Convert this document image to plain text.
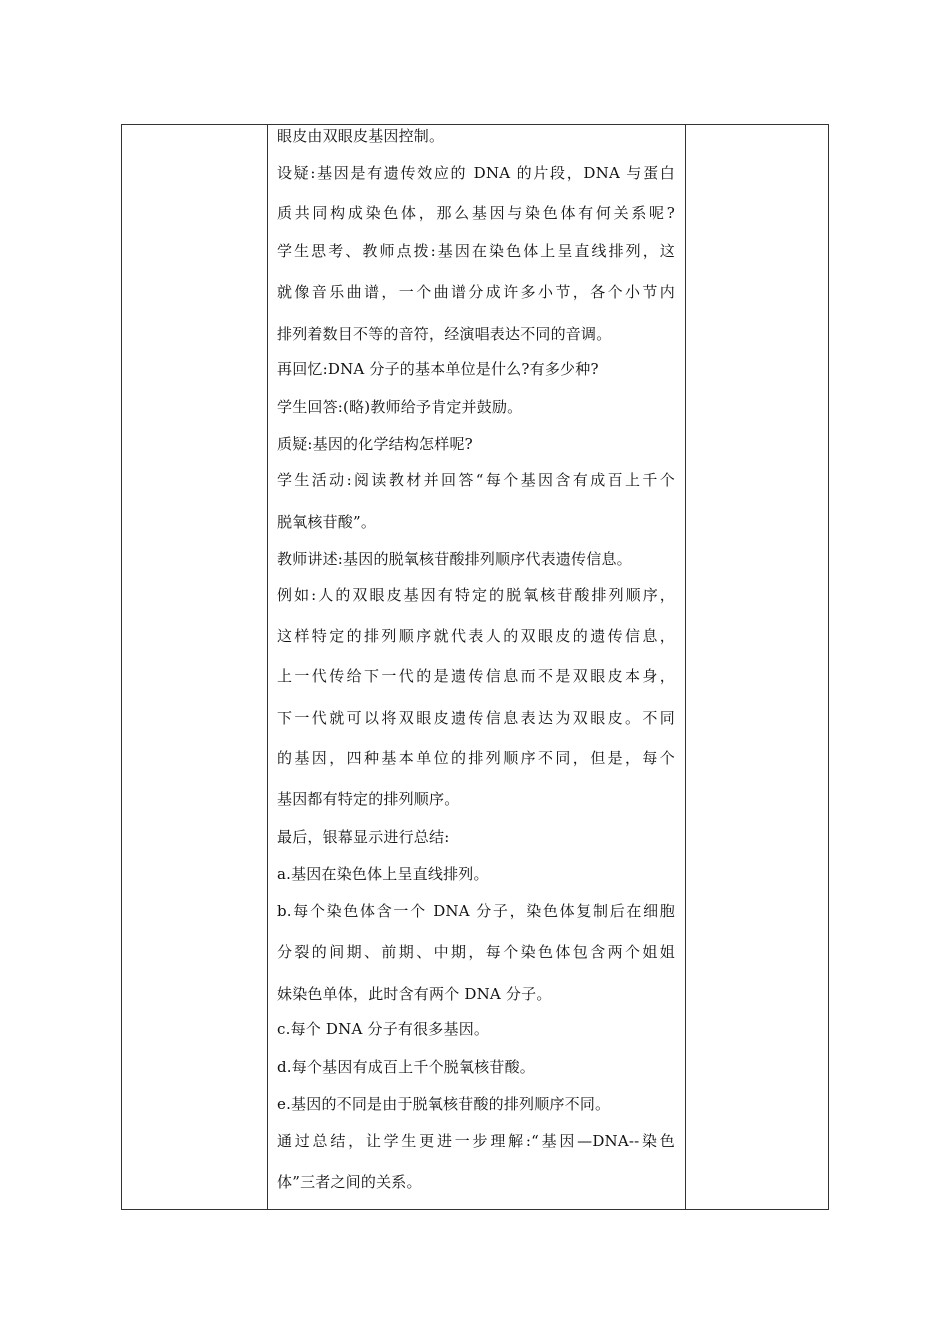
眼皮由双眼皮基因控制。
设疑:基因是有遗传效应的 DNA 的片段，DNA 与蛋白
质共同构成染色体，那么基因与染色体有何关系呢?
学生思考、教师点拨:基因在染色体上呈直线排列，这
就像音乐曲谱，一个曲谱分成许多小节，各个小节内
排列着数目不等的音符，经演唱表达不同的音调。
再回忆:DNA 分子的基本单位是什么?有多少种?
学生回答:(略)教师给予肯定并鼓励。
质疑:基因的化学结构怎样呢?
学生活动:阅读教材并回答“每个基因含有成百上千个
脱氧核苷酸”。
教师讲述:基因的脱氧核苷酸排列顺序代表遗传信息。
例如:人的双眼皮基因有特定的脱氧核苷酸排列顺序，
这样特定的排列顺序就代表人的双眼皮的遗传信息，
上一代传给下一代的是遗传信息而不是双眼皮本身，
下一代就可以将双眼皮遗传信息表达为双眼皮。不同
的基因，四种基本单位的排列顺序不同，但是，每个
基因都有特定的排列顺序。
最后，银幕显示进行总结:
a.基因在染色体上呈直线排列。
b.每个染色体含一个 DNA 分子，染色体复制后在细胞
分裂的间期、前期、中期，每个染色体包含两个姐姐
妹染色单体，此时含有两个 DNA 分子。
c.每个 DNA 分子有很多基因。
d.每个基因有成百上千个脱氧核苷酸。
e.基因的不同是由于脱氧核苷酸的排列顺序不同。
通过总结，让学生更进一步理解:“基因—DNA--染色
体”三者之间的关系。
